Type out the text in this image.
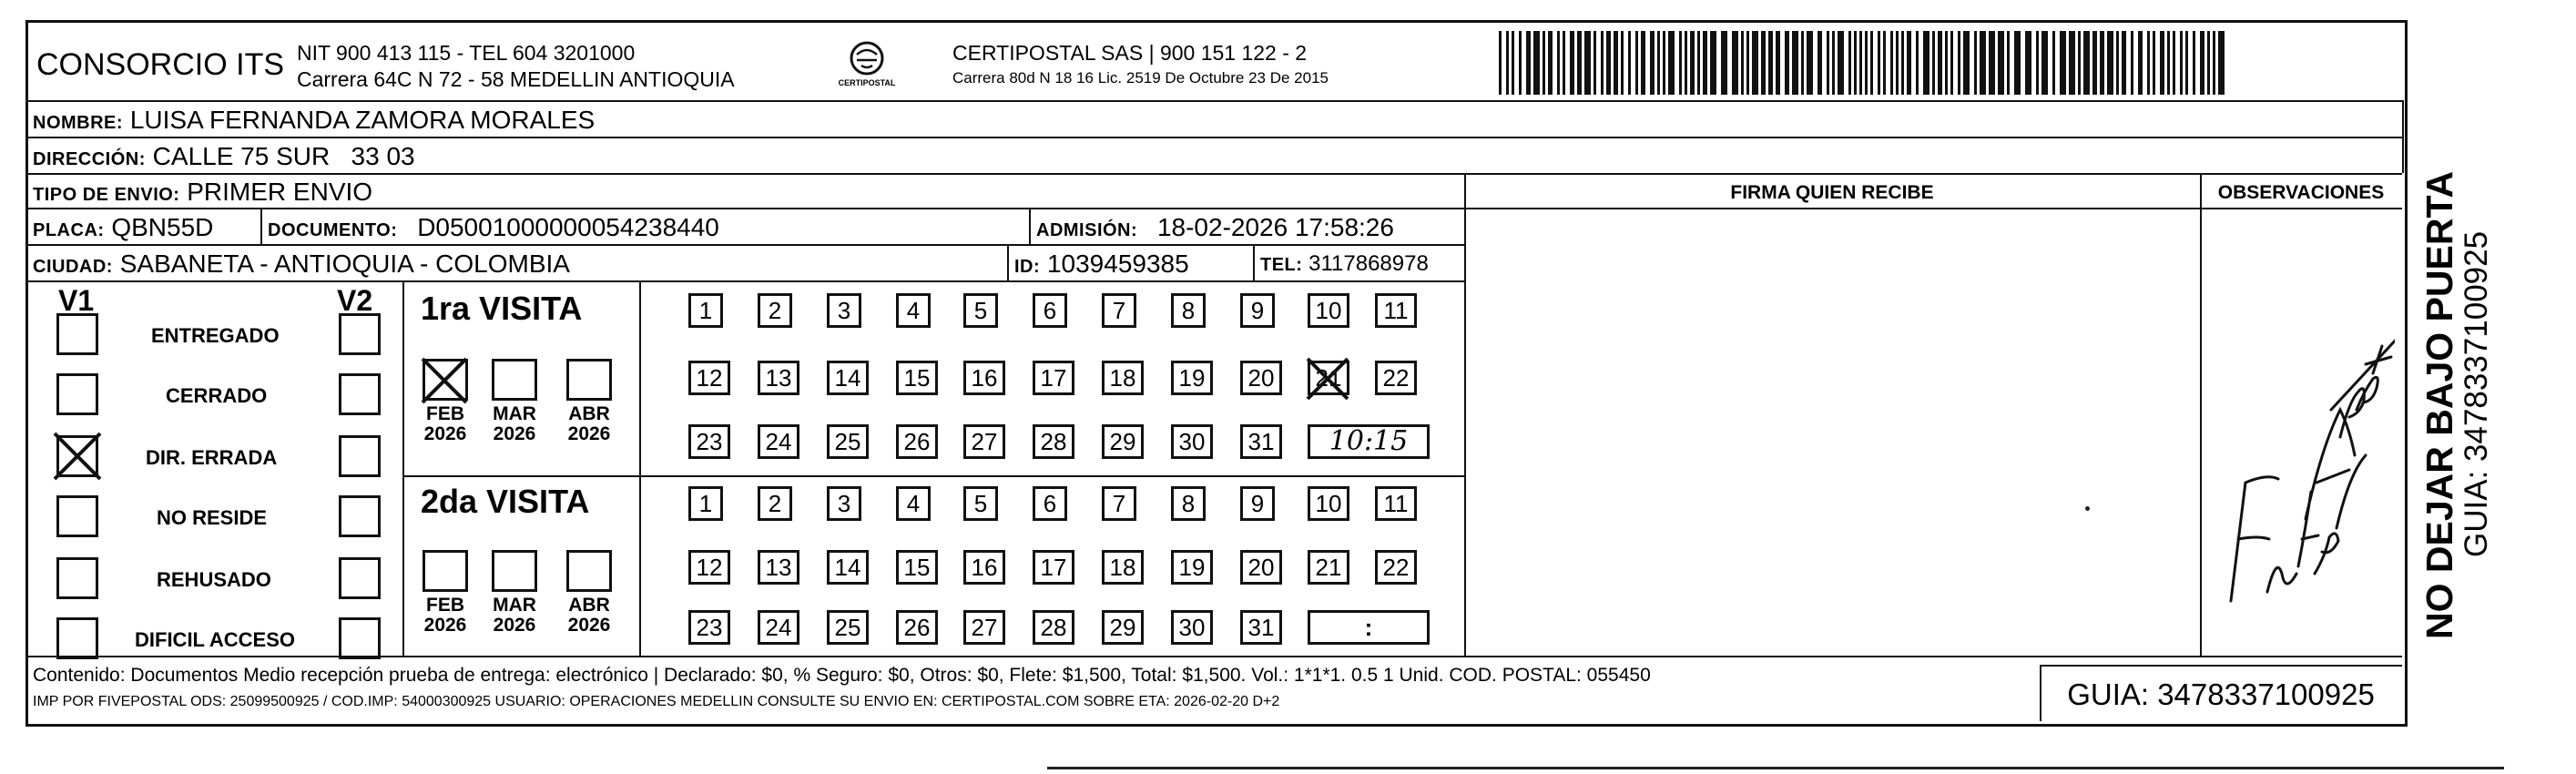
CONSORCIO ITS NIT 900 413 115 - TEL 604 3201000
Carrera 64C N 72 - 58 MEDELLIN ANTIOQUIA	CERTIPOSTAL
CERTIPOSTAL SAS | 900 151 122 - 2
Carrera 80d N 18 16 Lic. 2519 De Octubre 23 De 2015
NOMBRE: LUISA FERNANDA ZAMORA MORALES
DIRECCIÓN: CALLE 75 SUR   33 03
TIPO DE ENVIO: PRIMER ENVIO	FIRMA QUIEN RECIBE	OBSERVACIONES
PLACA: QBN55D	DOCUMENTO: D05001000000054238440	ADMISIÓN: 18-02-2026 17:58:26
CIUDAD: SABANETA - ANTIOQUIA - COLOMBIA	ID: 1039459385	TEL: 3117868978
V1	V2
ENTREGADO
CERRADO
DIR. ERRADA
NO RESIDE
REHUSADO
DIFICIL ACCESO
1ra VISITA
FEB
2026
MAR
2026
ABR
2026
1	2	3	4	5	6	7	8	9	10	11
12	13	14	15	16	17	18	19	20	21	22
23	24	25	26	27	28	29	30	31	10:15
2da VISITA
FEB
2026
MAR
2026
ABR
2026
1	2	3	4	5	6	7	8	9	10	11
12	13	14	15	16	17	18	19	20	21	22
23	24	25	26	27	28	29	30	31	:	NO DEJAR BAJO PUERTA
GUIA: 3478337100925
Contenido: Documentos Medio recepción prueba de entrega: electrónico | Declarado: $0, % Seguro: $0, Otros: $0, Flete: $1,500, Total: $1,500. Vol.: 1*1*1. 0.5 1 Unid. COD. POSTAL: 055450
IMP POR FIVEPOSTAL ODS: 25099500925 / COD.IMP: 54000300925 USUARIO: OPERACIONES MEDELLIN CONSULTE SU ENVIO EN: CERTIPOSTAL.COM SOBRE ETA: 2026-02-20 D+2	GUIA: 3478337100925
